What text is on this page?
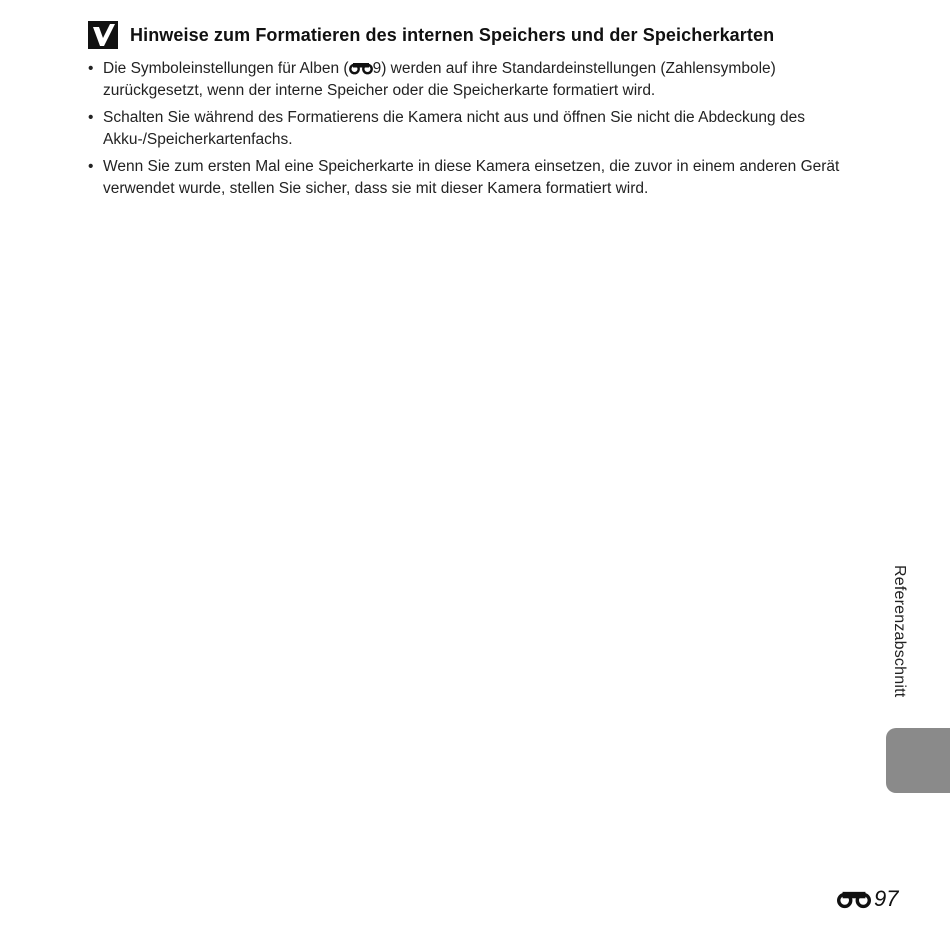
Hinweise zum Formatieren des internen Speichers und der Speicherkarten
• Die Symboleinstellungen für Alben ( 9) werden auf ihre Standardeinstellungen (Zahlensymbole) zurückgesetzt, wenn der interne Speicher oder die Speicherkarte formatiert wird.
• Schalten Sie während des Formatierens die Kamera nicht aus und öffnen Sie nicht die Abdeckung des Akku-/Speicherkartenfachs.
• Wenn Sie zum ersten Mal eine Speicherkarte in diese Kamera einsetzen, die zuvor in einem anderen Gerät verwendet wurde, stellen Sie sicher, dass sie mit dieser Kamera formatiert wird.
Referenzabschnitt
97
